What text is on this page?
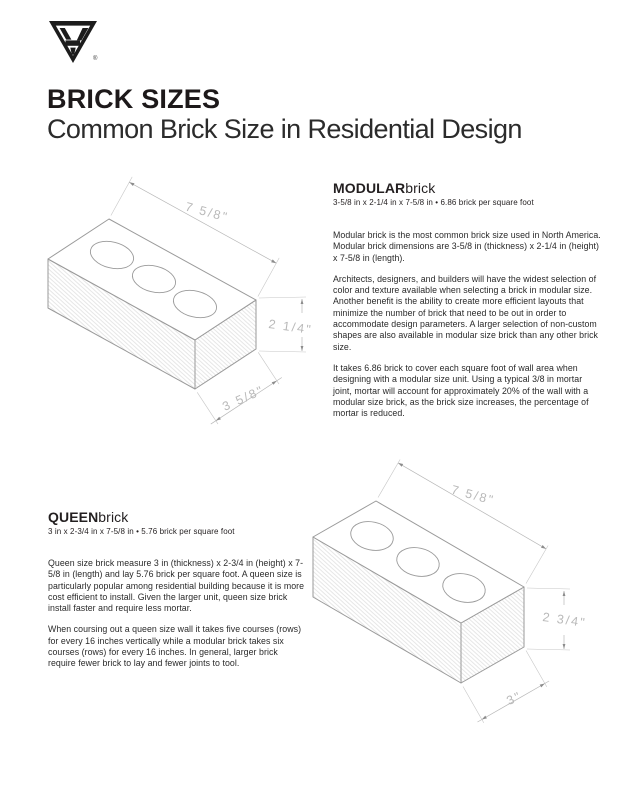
®
BRICK SIZES
Common Brick Size in Residential Design
7 5/8"
2 1/4"
3 5/8"
MODULARbrick
3-5/8 in x 2-1/4 in x 7-5/8 in • 6.86 brick per square foot
Modular brick is the most common brick size used in North America. Modular brick dimensions are 3-5/8 in (thickness) x 2-1/4 in (height) x 7-5/8 in (length).
Architects, designers, and builders will have the widest selection of color and texture available when selecting a brick in modular size. Another benefit is the ability to create more efficient layouts that minimize the number of brick that need to be out in order to accommodate design parameters. A larger selection of non-custom shapes are also available in modular size brick than any other brick size.
It takes 6.86 brick to cover each square foot of wall area when designing with a modular size unit. Using a typical 3/8 in mortar joint, mortar will account for approximately 20% of the wall with a modular size brick, as the brick size increases, the percentage of mortar is reduced.
QUEENbrick
3 in x 2-3/4 in x 7-5/8 in • 5.76 brick per square foot
Queen size brick measure 3 in (thickness) x 2-3/4 in (height) x 7-5/8 in (length) and lay 5.76 brick per square foot. A queen size is particularly popular among residential building because it is more cost efficient to install. Given the larger unit, queen size brick install faster and require less mortar.
When coursing out a queen size wall it takes five courses (rows) for every 16 inches vertically while a modular brick takes six courses (rows) for every 16 inches. In general, larger brick require fewer brick to lay and fewer joints to tool.
7 5/8"
2 3/4"
3"
